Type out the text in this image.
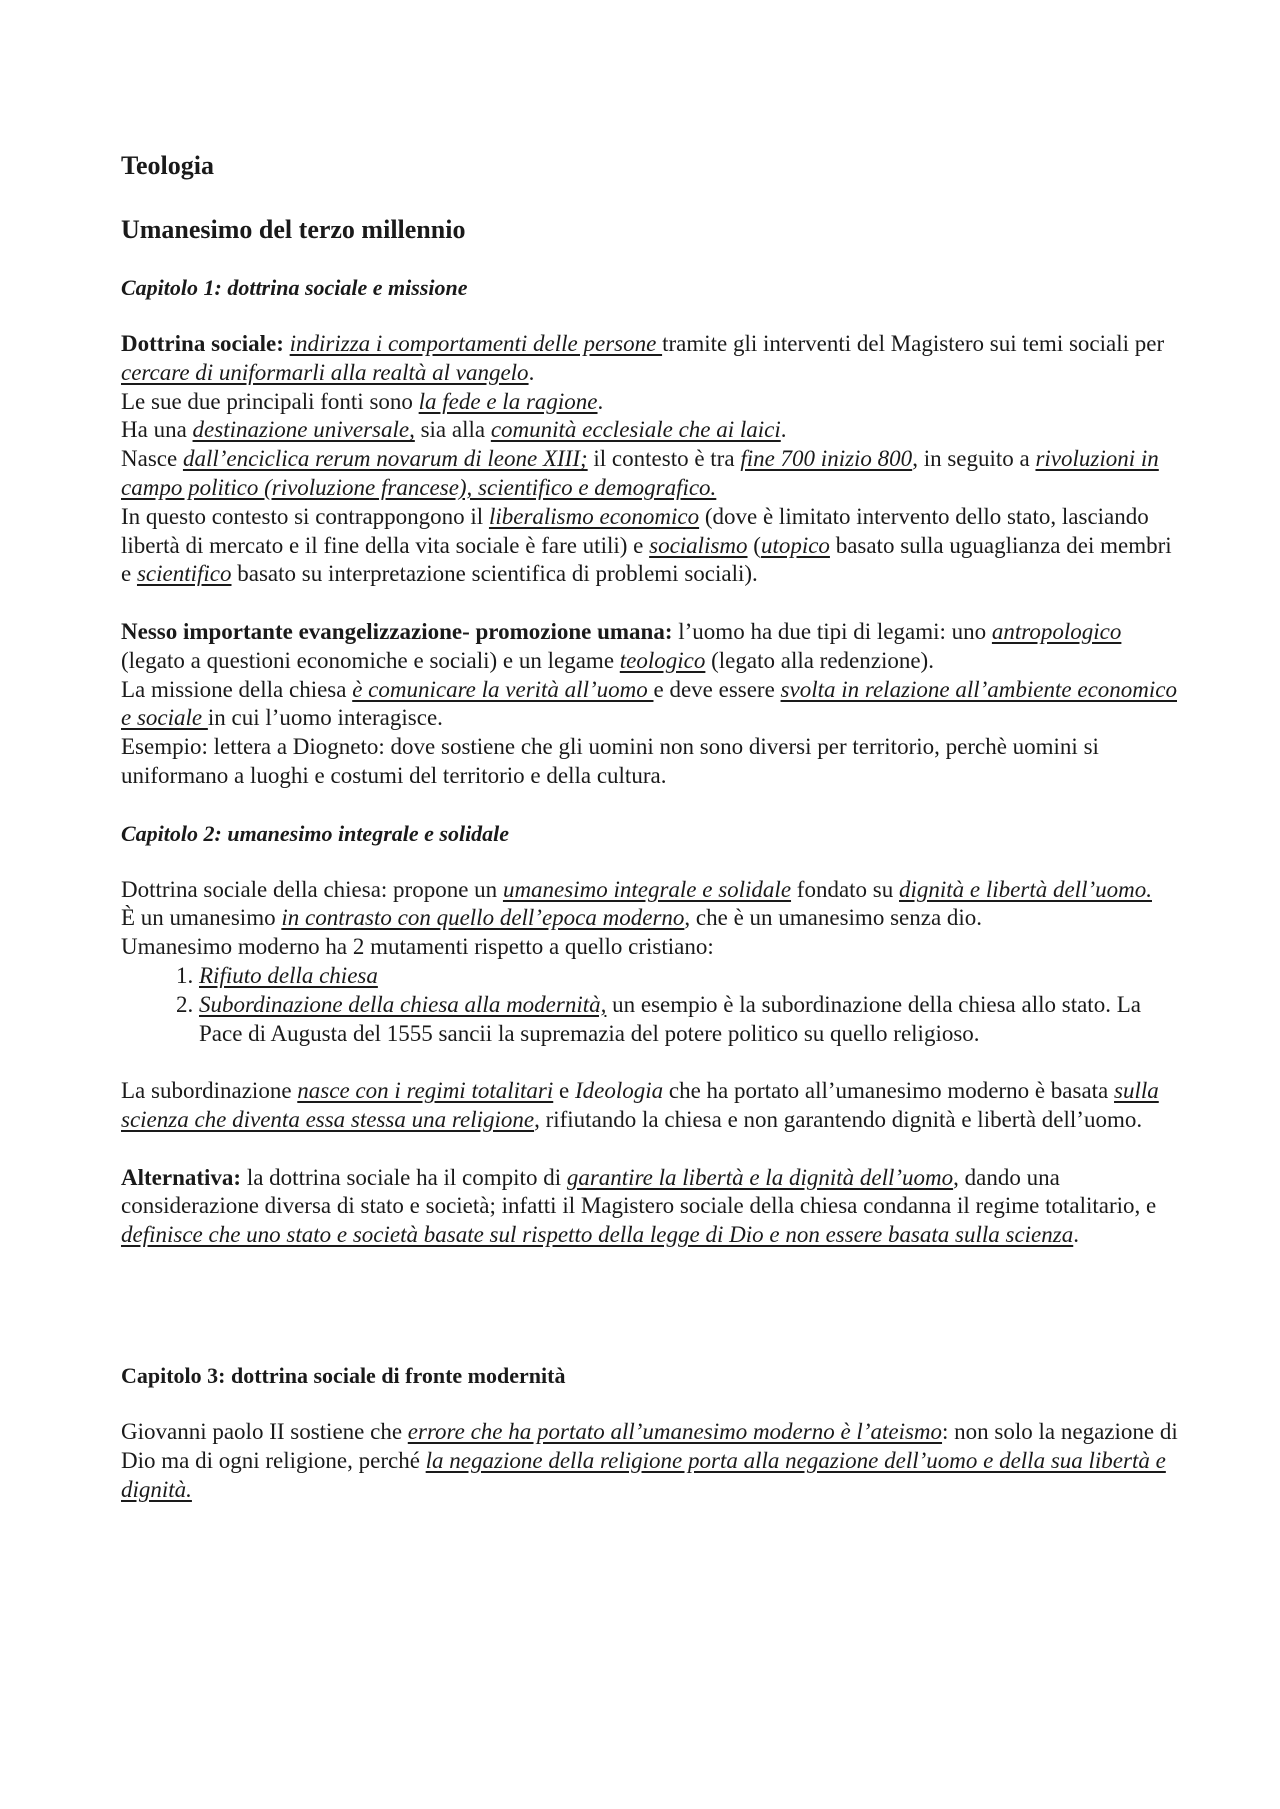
Teologia
Umanesimo del terzo millennio
Capitolo 1: dottrina sociale e missione

Dottrina sociale: indirizza i comportamenti delle persone tramite gli interventi del Magistero sui temi sociali per cercare di uniformarli alla realtà al vangelo.

Le sue due principali fonti sono la fede e la ragione.

Ha una destinazione universale, sia alla comunità ecclesiale che ai laici.

Nasce dall’enciclica rerum novarum di leone XIII; il contesto è tra fine 700 inizio 800, in seguito a rivoluzioni in campo politico (rivoluzione francese), scientifico e demografico.

In questo contesto si contrappongono il liberalismo economico (dove è limitato intervento dello stato, lasciando libertà di mercato e il fine della vita sociale è fare utili) e socialismo (utopico basato sulla uguaglianza dei membri e scientifico basato su interpretazione scientifica di problemi sociali).

Nesso importante evangelizzazione- promozione umana: l’uomo ha due tipi di legami: uno antropologico (legato a questioni economiche e sociali) e un legame teologico (legato alla redenzione).

La missione della chiesa è comunicare la verità all’uomo e deve essere svolta in relazione all’ambiente economico e sociale in cui l’uomo interagisce.

Esempio: lettera a Diogneto: dove sostiene che gli uomini non sono diversi per territorio, perchè uomini si uniformano a luoghi e costumi del territorio e della cultura.

Capitolo 2: umanesimo integrale e solidale

Dottrina sociale della chiesa: propone un umanesimo integrale e solidale fondato su dignità e libertà dell’uomo.

È un umanesimo in contrasto con quello dell’epoca moderno, che è un umanesimo senza dio.

Umanesimo moderno ha 2 mutamenti rispetto a quello cristiano:

1. Rifiuto della chiesa
2. Subordinazione della chiesa alla modernità, un esempio è la subordinazione della chiesa allo stato. La Pace di Augusta del 1555 sancii la supremazia del potere politico su quello religioso.

La subordinazione nasce con i regimi totalitari e Ideologia che ha portato all’umanesimo moderno è basata sulla scienza che diventa essa stessa una religione, rifiutando la chiesa e non garantendo dignità e libertà dell’uomo.

Alternativa: la dottrina sociale ha il compito di garantire la libertà e la dignità dell’uomo, dando una considerazione diversa di stato e società; infatti il Magistero sociale della chiesa condanna il regime totalitario, e definisce che uno stato e società basate sul rispetto della legge di Dio e non essere basata sulla scienza.

Capitolo 3: dottrina sociale di fronte modernità

Giovanni paolo II sostiene che errore che ha portato all’umanesimo moderno è l’ateismo: non solo la negazione di Dio ma di ogni religione, perché la negazione della religione porta alla negazione dell’uomo e della sua libertà e dignità.
